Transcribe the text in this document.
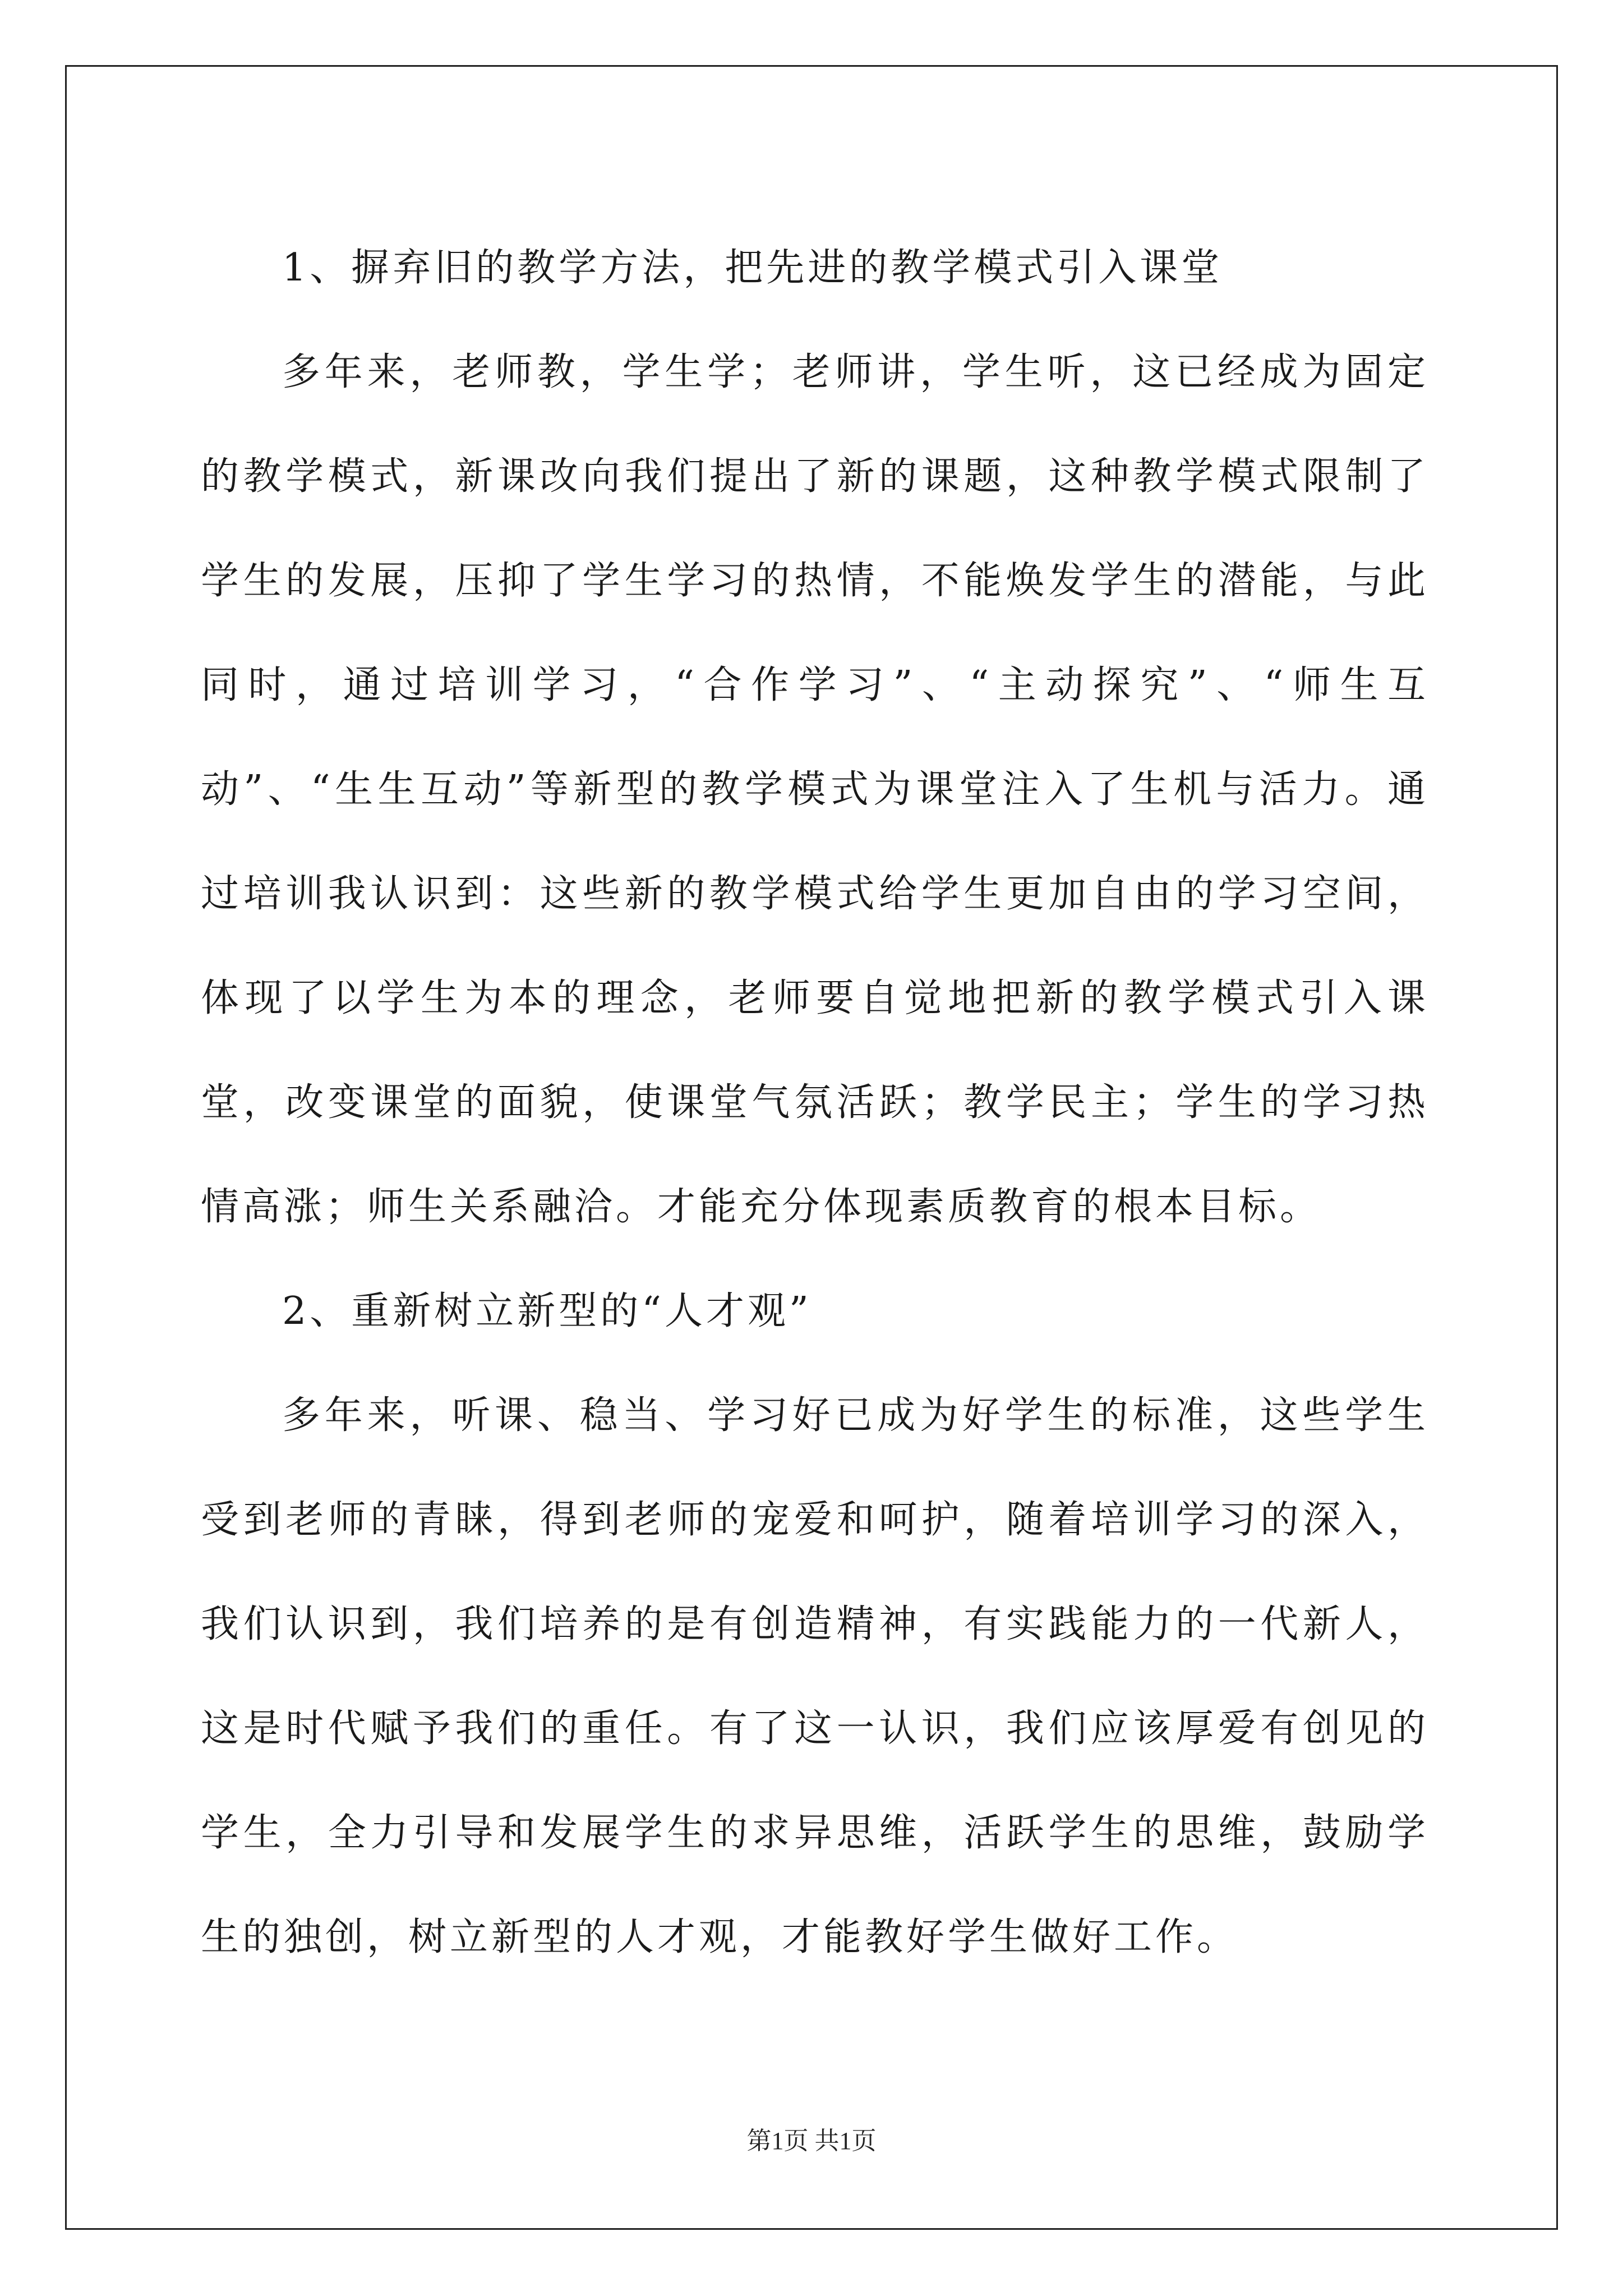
1、摒弃旧的教学方法，把先进的教学模式引入课堂

多年来，老师教，学生学；老师讲，学生听，这已经成为固定的教学模式，新课改向我们提出了新的课题，这种教学模式限制了学生的发展，压抑了学生学习的热情，不能焕发学生的潜能，与此同时，通过培训学习，“合作学习”、“主动探究”、“师生互动”、“生生互动”等新型的教学模式为课堂注入了生机与活力。通过培训我认识到：这些新的教学模式给学生更加自由的学习空间，体现了以学生为本的理念，老师要自觉地把新的教学模式引入课堂，改变课堂的面貌，使课堂气氛活跃；教学民主；学生的学习热情高涨；师生关系融洽。才能充分体现素质教育的根本目标。

2、重新树立新型的“人才观”

多年来，听课、稳当、学习好已成为好学生的标准，这些学生受到老师的青睐，得到老师的宠爱和呵护，随着培训学习的深入，我们认识到，我们培养的是有创造精神，有实践能力的一代新人，这是时代赋予我们的重任。有了这一认识，我们应该厚爱有创见的学生，全力引导和发展学生的求异思维，活跃学生的思维，鼓励学生的独创，树立新型的人才观，才能教好学生做好工作。

第1页 共1页
